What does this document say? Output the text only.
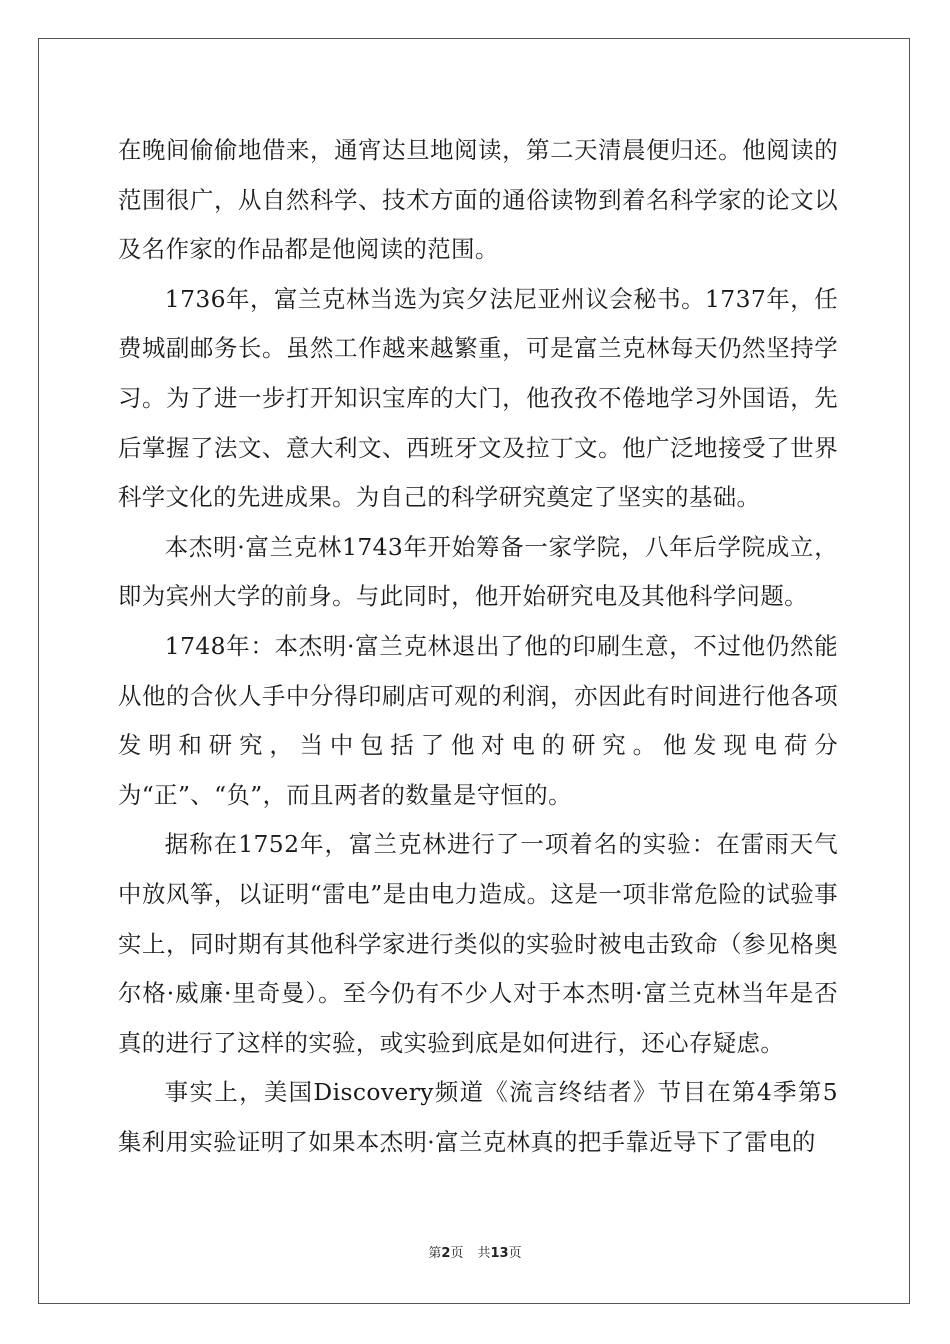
在晚间偷偷地借来，通宵达旦地阅读，第二天清晨便归还。他阅读的范围很广，从自然科学、技术方面的通俗读物到着名科学家的论文以及名作家的作品都是他阅读的范围。

1736年，富兰克林当选为宾夕法尼亚州议会秘书。1737年，任费城副邮务长。虽然工作越来越繁重，可是富兰克林每天仍然坚持学习。为了进一步打开知识宝库的大门，他孜孜不倦地学习外国语，先后掌握了法文、意大利文、西班牙文及拉丁文。他广泛地接受了世界科学文化的先进成果。为自己的科学研究奠定了坚实的基础。

本杰明·富兰克林1743年开始筹备一家学院，八年后学院成立，即为宾州大学的前身。与此同时，他开始研究电及其他科学问题。

1748年：本杰明·富兰克林退出了他的印刷生意，不过他仍然能从他的合伙人手中分得印刷店可观的利润，亦因此有时间进行他各项发明和研究，当中包括了他对电的研究。他发现电荷分为“正”、“负”，而且两者的数量是守恒的。

据称在1752年，富兰克林进行了一项着名的实验：在雷雨天气中放风筝，以证明“雷电”是由电力造成。这是一项非常危险的试验事实上，同时期有其他科学家进行类似的实验时被电击致命（参见格奥尔格·威廉·里奇曼）。至今仍有不少人对于本杰明·富兰克林当年是否真的进行了这样的实验，或实验到底是如何进行，还心存疑虑。

事实上，美国Discovery频道《流言终结者》节目在第4季第5集利用实验证明了如果本杰明·富兰克林真的把手靠近导下了雷电的

第2页 共13页
